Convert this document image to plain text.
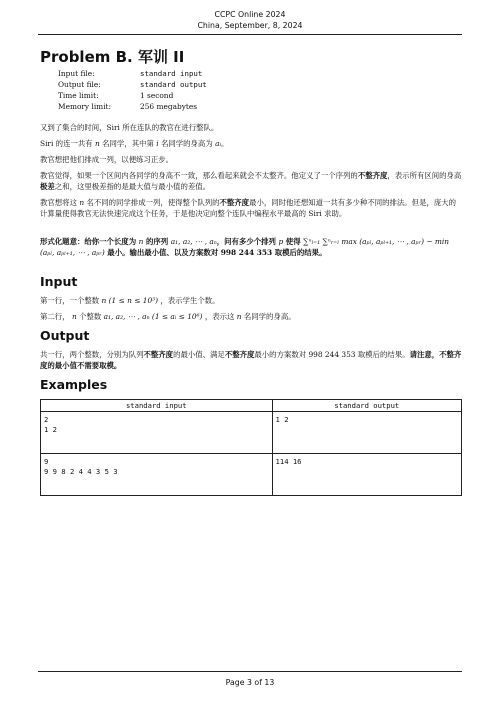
CCPC Online 2024
China, September, 8, 2024
Problem B. 军训 II
Input file:	standard input
Output file:	standard output
Time limit:	1 second
Memory limit:	256 megabytes
又到了集合的时间，Siri 所在连队的教官在进行整队。
Siri 的连一共有 n 名同学，其中第 i 名同学的身高为 aᵢ。
教官想把他们排成一列，以便练习正步。
教官觉得，如果一个区间内各同学的身高不一致，那么看起来就会不太整齐。他定义了一个序列的不整齐度，表示所有区间的身高极差之和，这里极差指的是最大值与最小值的差值。
教官想将这 n 名不同的同学排成一列，使得整个队列的不整齐度最小，同时他还想知道一共有多少种不同的排法。但是，庞大的计算量使得教官无法快速完成这个任务，于是他决定向整个连队中编程水平最高的 Siri 求助。
形式化题意：给你一个长度为 n 的序列 a₁, a₂, ⋯ , aₙ，问有多少个排列 p 使得 ∑ⁿₗ₌₁ ∑ⁿᵣ₌ₗ max (aₚₗ, aₚₗ₊₁, ⋯ , aₚᵣ) − min (aₚₗ, aₚₗ₊₁, ⋯ , aₚᵣ) 最小。输出最小值、以及方案数对 998 244 353 取模后的结果。
Input
第一行，一个整数 n (1 ≤ n ≤ 10³) ，表示学生个数。
第二行， n 个整数 a₁, a₂, ⋯ , aₙ (1 ≤ aᵢ ≤ 10⁶) ，表示这 n 名同学的身高。
Output
共一行，两个整数，分别为队列不整齐度的最小值、满足不整齐度最小的方案数对 998 244 353 取模后的结果。请注意，不整齐度的最小值不需要取模。
Examples
standard input	standard output

2
1 2	1 2

9
9 9 8 2 4 4 3 5 3	114 16
Page 3 of 13
